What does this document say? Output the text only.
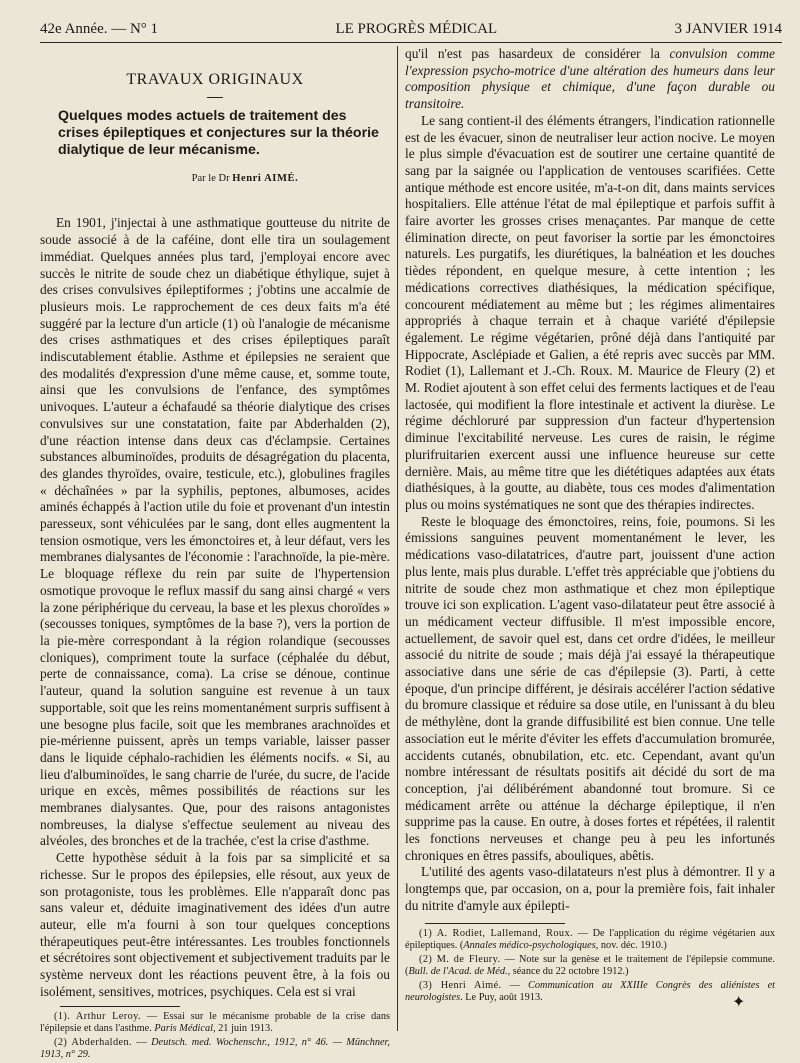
42e Année. — N° 1	LE PROGRÈS MÉDICAL	3 JANVIER 1914
TRAVAUX ORIGINAUX
Quelques modes actuels de traitement des crises épileptiques et conjectures sur la théorie dialytique de leur mécanisme.
Par le Dr Henri AIMÉ.

En 1901, j'injectai à une asthmatique goutteuse du nitrite de soude associé à de la caféine, dont elle tira un soulagement immédiat. Quelques années plus tard, j'employai encore avec succès le nitrite de soude chez un diabétique éthylique, sujet à des crises convulsives épileptiformes ; j'obtins une accalmie de plusieurs mois. Le rapprochement de ces deux faits m'a été suggéré par la lecture d'un article (1) où l'analogie de mécanisme des crises asthmatiques et des crises épileptiques paraît indiscutablement établie. Asthme et épilepsies ne seraient que des modalités d'expression d'une même cause, et, somme toute, ainsi que les convulsions de l'enfance, des symptômes univoques. L'auteur a échafaudé sa théorie dialytique des crises convulsives sur une constatation, faite par Abderhalden (2), d'une réaction intense dans deux cas d'éclampsie. Certaines substances albuminoïdes, produits de désagrégation du placenta, des glandes thyroïdes, ovaire, testicule, etc.), globulines fragiles « déchaînées » par la syphilis, peptones, albumoses, acides aminés échappés à l'action utile du foie et provenant d'un intestin paresseux, sont véhiculées par le sang, dont elles augmentent la tension osmotique, vers les émonctoires et, à leur défaut, vers les membranes dialysantes de l'économie : l'arachnoïde, la pie-mère. Le bloquage réflexe du rein par suite de l'hypertension osmotique provoque le reflux massif du sang ainsi chargé « vers la zone périphérique du cerveau, la base et les plexus choroïdes » (secousses toniques, symptômes de la base ?), vers la portion de la pie-mère correspondant à la région rolandique (secousses cloniques), compriment toute la surface (céphalée du début, perte de connaissance, coma). La crise se dénoue, continue l'auteur, quand la solution sanguine est revenue à un taux supportable, soit que les reins momentanément surpris suffisent à une besogne plus facile, soit que les membranes arachnoïdes et pie-mérienne puissent, après un temps variable, laisser passer dans le liquide céphalo-rachidien les éléments nocifs. « Si, au lieu d'albuminoïdes, le sang charrie de l'urée, du sucre, de l'acide urique en excès, mêmes possibilités de réactions sur les membranes dialysantes. Que, pour des raisons antagonistes nombreuses, la dialyse s'effectue seulement au niveau des alvéoles, des bronches et de la trachée, c'est la crise d'asthme.

Cette hypothèse séduit à la fois par sa simplicité et sa richesse. Sur le propos des épilepsies, elle résout, aux yeux de son protagoniste, tous les problèmes. Elle n'apparaît donc pas sans valeur et, déduite imaginativement des idées d'un autre auteur, elle m'a fourni à son tour quelques conceptions thérapeutiques peut-être intéressantes. Les troubles fonctionnels et sécrétoires sont objectivement et subjectivement traduits par le système nerveux dont les réactions peuvent être, à la fois ou isolément, sensitives, motrices, psychiques. Cela est si vrai

(1). Arthur Leroy. — Essai sur le mécanisme probable de la crise dans l'épilepsie et dans l'asthme. Paris Médical, 21 juin 1913.
(2) Abderhalden. — Deutsch. med. Wochenschr., 1912, n° 46. — Münchner, 1913, n° 29.

qu'il n'est pas hasardeux de considérer la convulsion comme l'expression psycho-motrice d'une altération des humeurs dans leur composition physique et chimique, d'une façon durable ou transitoire.

Le sang contient-il des éléments étrangers, l'indication rationnelle est de les évacuer, sinon de neutraliser leur action nocive. Le moyen le plus simple d'évacuation est de soutirer une certaine quantité de sang par la saignée ou l'application de ventouses scarifiées. Cette antique méthode est encore usitée, m'a-t-on dit, dans maints services hospitaliers. Elle atténue l'état de mal épileptique et parfois suffit à faire avorter les grosses crises menaçantes. Par manque de cette élimination directe, on peut favoriser la sortie par les émonctoires naturels. Les purgatifs, les diurétiques, la balnéation et les douches tièdes répondent, en quelque mesure, à cette intention ; les médications correctives diathésiques, la médication spécifique, concourent médiatement au même but ; les régimes alimentaires appropriés à chaque terrain et à chaque variété d'épilepsie également. Le régime végétarien, prôné déjà dans l'antiquité par Hippocrate, Asclépiade et Galien, a été repris avec succès par MM. Rodiet (1), Lallemant et J.-Ch. Roux. M. Maurice de Fleury (2) et M. Rodiet ajoutent à son effet celui des ferments lactiques et de l'eau lactosée, qui modifient la flore intestinale et activent la diurèse. Le régime déchloruré par suppression d'un facteur d'hypertension diminue l'excitabilité nerveuse. Les cures de raisin, le régime plurifruitarien exercent aussi une influence heureuse sur cette dernière. Mais, au même titre que les diététiques adaptées aux états diathésiques, à la goutte, au diabète, tous ces modes d'alimentation plus ou moins systématiques ne sont que des thérapies indirectes.

Reste le bloquage des émonctoires, reins, foie, poumons. Si les émissions sanguines peuvent momentanément le lever, les médications vaso-dilatatrices, d'autre part, jouissent d'une action plus lente, mais plus durable. L'effet très appréciable que j'obtiens du nitrite de soude chez mon asthmatique et chez mon épileptique trouve ici son explication. L'agent vaso-dilatateur peut être associé à un médicament vecteur diffusible. Il m'est impossible encore, actuellement, de savoir quel est, dans cet ordre d'idées, le meilleur associé du nitrite de soude ; mais déjà j'ai essayé la thérapeutique associative dans une série de cas d'épilepsie (3). Parti, à cette époque, d'un principe différent, je désirais accélérer l'action sédative du bromure classique et réduire sa dose utile, en l'unissant à du bleu de méthylène, dont la grande diffusibilité est bien connue. Une telle association eut le mérite d'éviter les effets d'accumulation bromurée, accidents cutanés, obnubilation, etc. etc. Cependant, avant qu'un nombre intéressant de résultats positifs ait décidé du sort de ma conception, j'ai délibérément abandonné tout bromure. Si ce médicament arrête ou atténue la décharge épileptique, il n'en supprime pas la cause. En outre, à doses fortes et répétées, il ralentit les fonctions nerveuses et change peu à peu les infortunés chroniques en êtres passifs, abouliques, abêtis.

L'utilité des agents vaso-dilatateurs n'est plus à démontrer. Il y a longtemps que, par occasion, on a, pour la première fois, fait inhaler du nitrite d'amyle aux épilepti-

(1) A. Rodiet, Lallemand, Roux. — De l'application du régime végétarien aux épileptiques. (Annales médico-psychologiques, nov. déc. 1910.)
(2) M. de Fleury. — Note sur la genèse et le traitement de l'épilepsie commune. (Bull. de l'Acad. de Méd., séance du 22 octobre 1912.)
(3) Henri Aimé. — Communication au XXIIIe Congrès des aliénistes et neurologistes. Le Puy, août 1913.	✦
